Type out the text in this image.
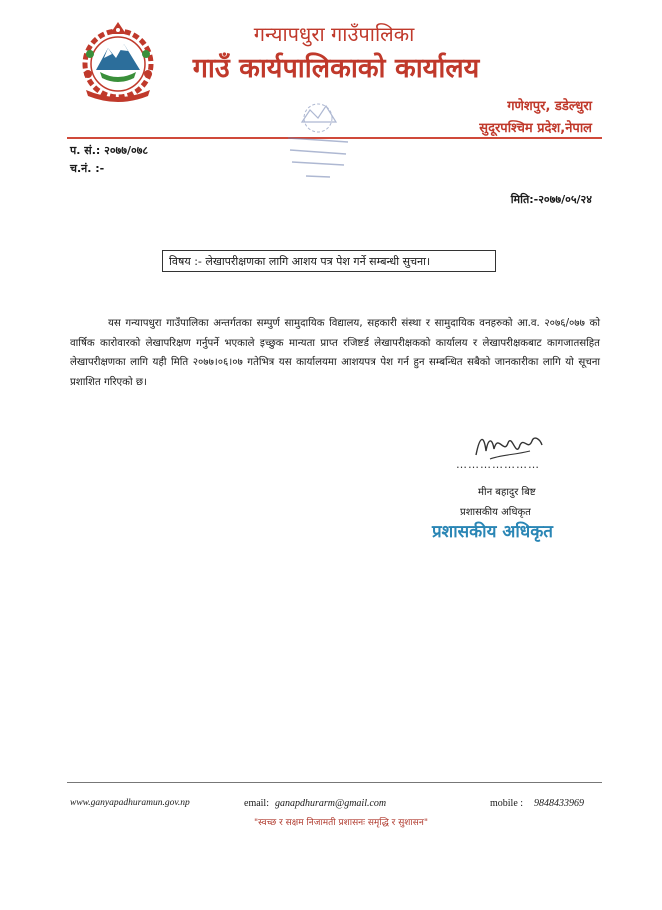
गन्यापधुरा गाउँपालिका
गाउँ कार्यपालिकाको कार्यालय
गणेशपुर, डडेल्धुरा
सुदूरपश्चिम प्रदेश,नेपाल
प. सं.: २०७७/०७८
च.नं. :-
मिति:-२०७७/०५/२४
विषय :- लेखापरीक्षणका लागि आशय पत्र पेश गर्ने सम्बन्धी सुचना।

यस गन्यापधुरा गाउँपालिका अन्तर्गतका सम्पुर्ण सामुदायिक विद्यालय, सहकारी संस्था र सामुदायिक वनहरुको आ.व. २०७६/०७७ को वार्षिक कारोवारको लेखापरिक्षण गर्नुपर्ने भएकाले इच्छुक मान्यता प्राप्त रजिष्टर्ड लेखापरीक्षकको कार्यालय र लेखापरीक्षकबाट कागजातसहित लेखापरीक्षणका लागि यही मिति २०७७।०६।०७ गतेभित्र यस कार्यालयमा आशयपत्र पेश गर्न हुन सम्बन्धित सबैको जानकारीका लागि यो सूचना प्रशाशित गरिएको छ।

…………………
मीन बहादुर बिष्ट
प्रशासकीय अधिकृत
प्रशासकीय अधिकृत
www.ganyapadhuramun.gov.np	email: ganapdhurarm@gmail.com	mobile : 9848433969
"स्वच्छ र सक्षम निजामती प्रशासनः समृद्धि र सुशासन"
